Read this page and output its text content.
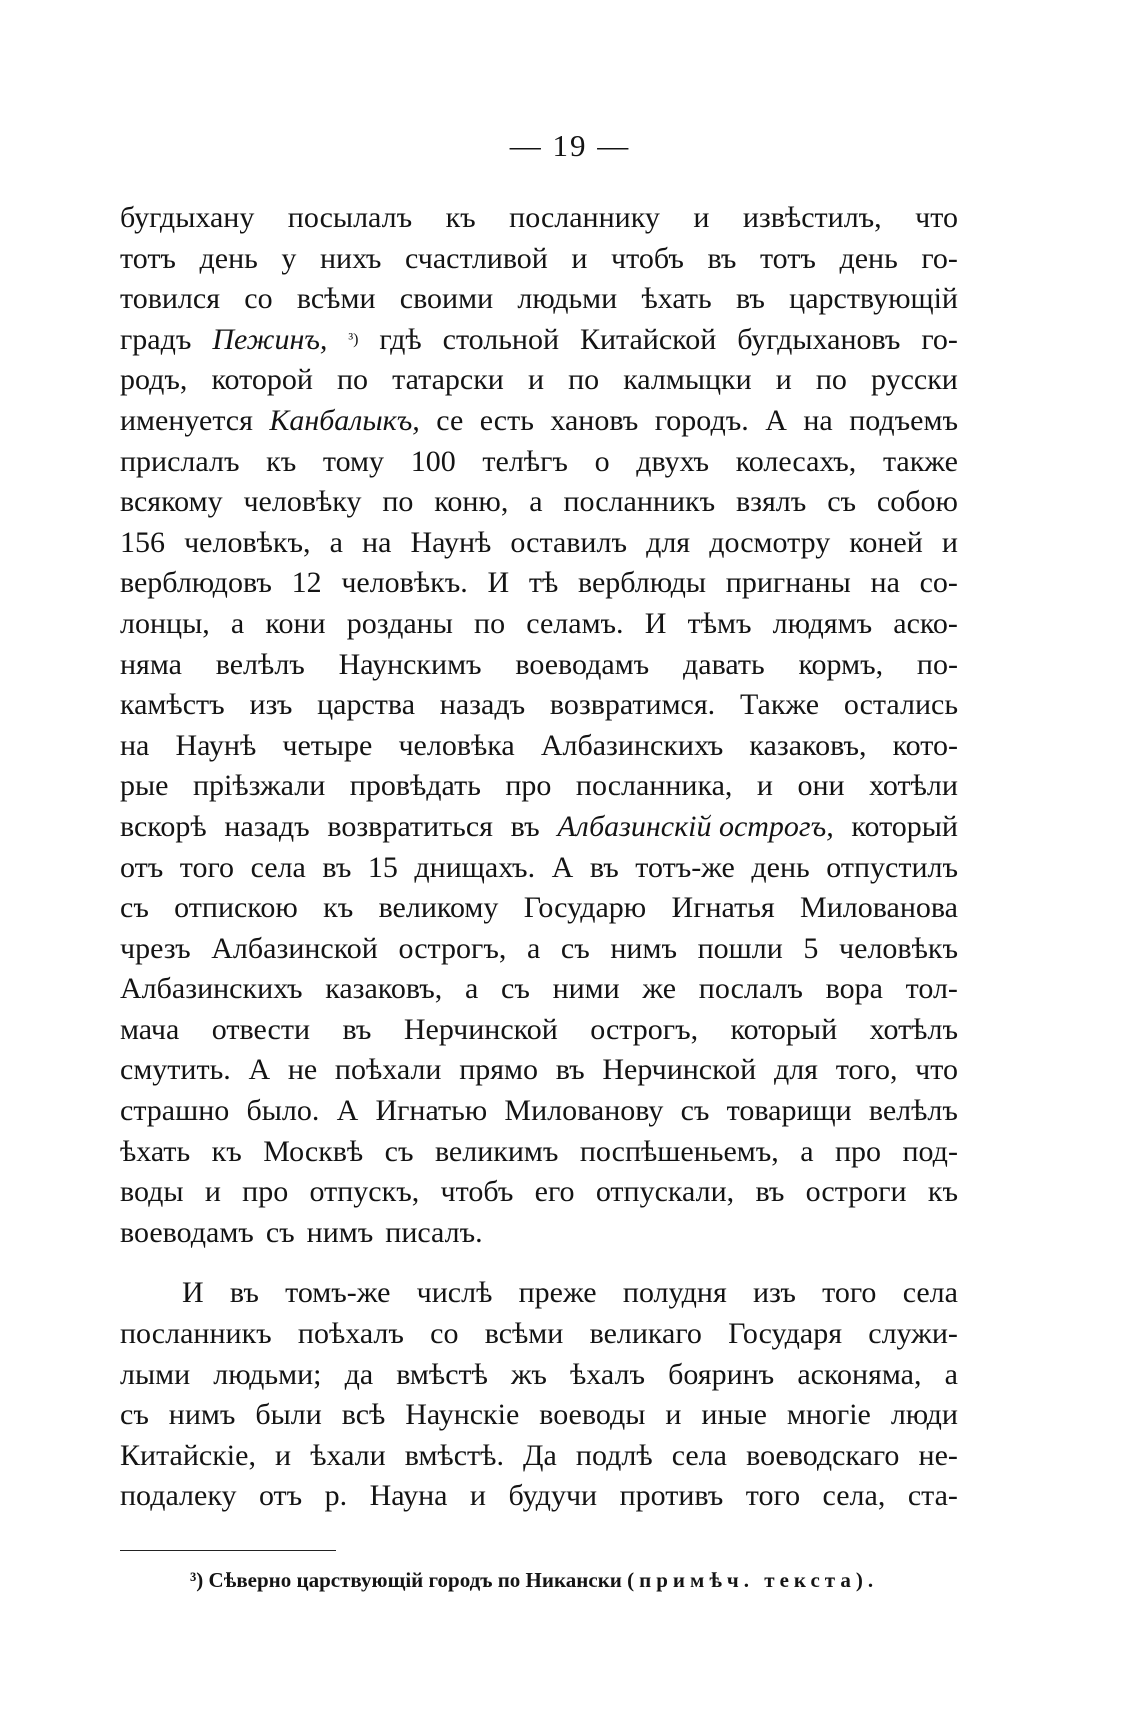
— 19 —
бугдыхану посылалъ къ посланнику и извѣстилъ, что
тотъ день у нихъ счастливой и чтобъ въ тотъ день го-
товился со всѣми своими людьми ѣхать въ царствующій
градъ Пежинъ, ³) гдѣ стольной Китайской бугдыхановъ го-
родъ, которой по татарски и по калмыцки и по русски
именуется Канбалыкъ, се есть хановъ городъ. А на подъемъ
прислалъ къ тому 100 телѣгъ о двухъ колесахъ, также
всякому человѣку по коню, а посланникъ взялъ съ собою
156 человѣкъ, а на Наунѣ оставилъ для досмотру коней и
верблюдовъ 12 человѣкъ. И тѣ верблюды пригнаны на со-
лонцы, а кони розданы по селамъ. И тѣмъ людямъ аско-
няма велѣлъ Наунскимъ воеводамъ давать кормъ, по-
камѣстъ изъ царства назадъ возвратимся. Также остались
на Наунѣ четыре человѣка Албазинскихъ казаковъ, кото-
рые пріѣзжали провѣдать про посланника, и они хотѣли
вскорѣ назадъ возвратиться въ Албазинскій острогъ, который
отъ того села въ 15 днищахъ. А въ тотъ-же день отпустилъ
съ отпискою къ великому Государю Игнатья Милованова
чрезъ Албазинской острогъ, а съ нимъ пошли 5 человѣкъ
Албазинскихъ казаковъ, а съ ними же послалъ вора тол-
мача отвести въ Нерчинской острогъ, который хотѣлъ
смутить. А не поѣхали прямо въ Нерчинской для того, что
страшно было. А Игнатью Милованову съ товарищи велѣлъ
ѣхать къ Москвѣ съ великимъ поспѣшеньемъ, а про под-
воды и про отпускъ, чтобъ его отпускали, въ остроги къ
воеводамъ съ нимъ писалъ.
И въ томъ-же числѣ преже полудня изъ того села
посланникъ поѣхалъ со всѣми великаго Государя служи-
лыми людьми; да вмѣстѣ жъ ѣхалъ бояринъ асконяма, а
съ нимъ были всѣ Наунскіе воеводы и иные многіе люди
Китайскіе, и ѣхали вмѣстѣ. Да подлѣ села воеводскаго не-
подалеку отъ р. Науна и будучи противъ того села, ста-
³) Сѣверно царствующій городъ по Никански (примѣч. текста).
